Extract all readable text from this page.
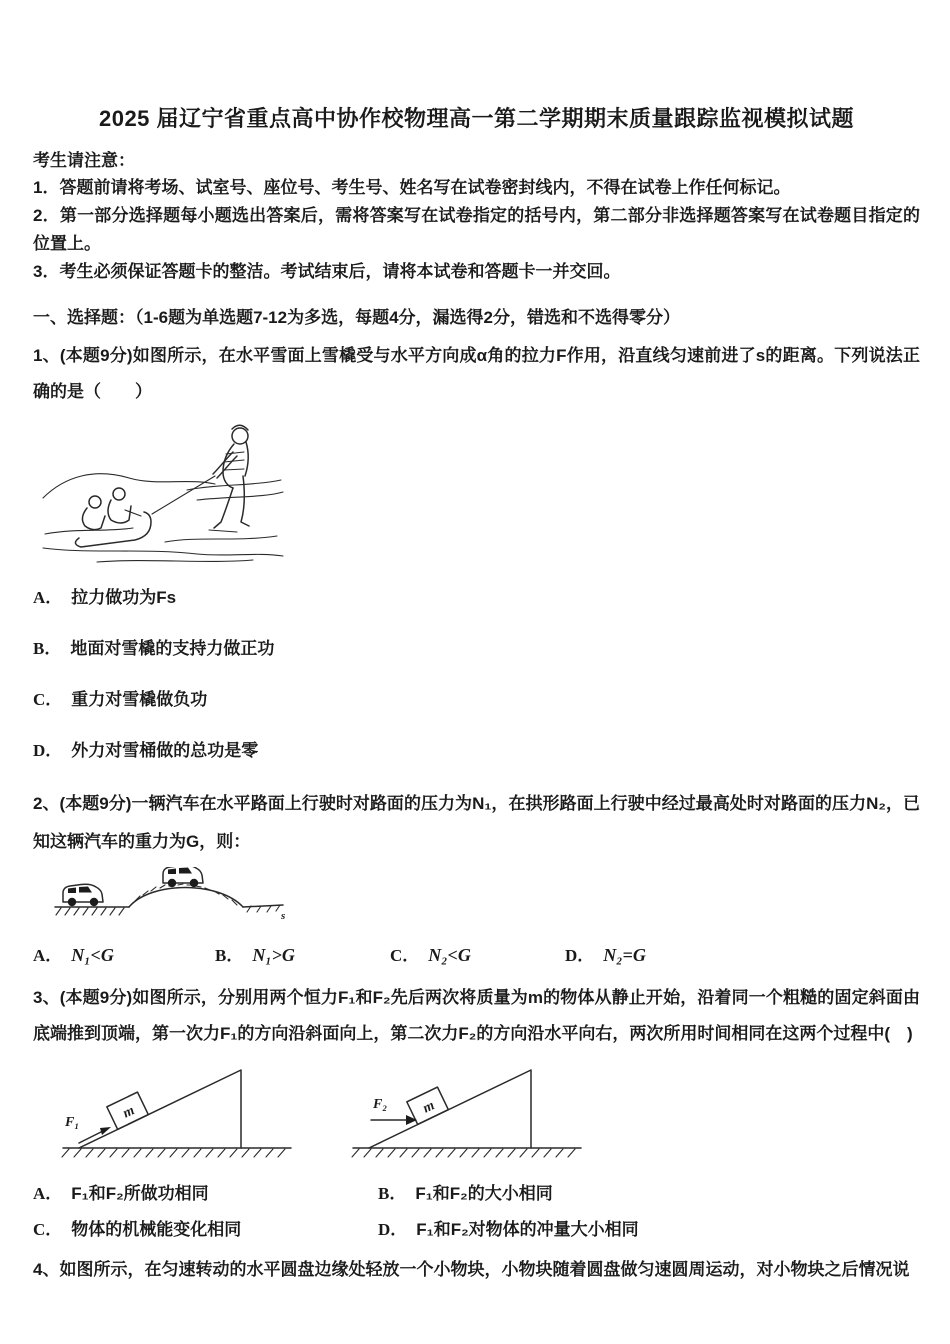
2025 届辽宁省重点高中协作校物理高一第二学期期末质量跟踪监视模拟试题

考生请注意：

1．答题前请将考场、试室号、座位号、考生号、姓名写在试卷密封线内，不得在试卷上作任何标记。

2．第一部分选择题每小题选出答案后，需将答案写在试卷指定的括号内，第二部分非选择题答案写在试卷题目指定的位置上。

3．考生必须保证答题卡的整洁。考试结束后，请将本试卷和答题卡一并交回。

一、选择题：（1-6题为单选题7-12为多选，每题4分，漏选得2分，错选和不选得零分）

1、(本题9分)如图所示，在水平雪面上雪橇受与水平方向成α角的拉力F作用，沿直线匀速前进了s的距离。下列说法正确的是（　　）

A． 拉力做功为Fs

B． 地面对雪橇的支持力做正功

C． 重力对雪橇做负功

D． 外力对雪桶做的总功是零

2、(本题9分)一辆汽车在水平路面上行驶时对路面的压力为N₁，在拱形路面上行驶中经过最高处时对路面的压力N₂，已知这辆汽车的重力为G，则：

s
A． N₁<G	B． N₁>G	C． N₂<G	D． N₂=G

3、(本题9分)如图所示，分别用两个恒力F₁和F₂先后两次将质量为m的物体从静止开始，沿着同一个粗糙的固定斜面由底端推到顶端，第一次力F₁的方向沿斜面向上，第二次力F₂的方向沿水平向右，两次所用时间相同在这两个过程中(　)

m
F₁
m
F₂
A． F₁和F₂所做功相同	B． F₁和F₂的大小相同
C． 物体的机械能变化相同	D． F₁和F₂对物体的冲量大小相同

4、如图所示，在匀速转动的水平圆盘边缘处轻放一个小物块，小物块随着圆盘做匀速圆周运动，对小物块之后情况说
